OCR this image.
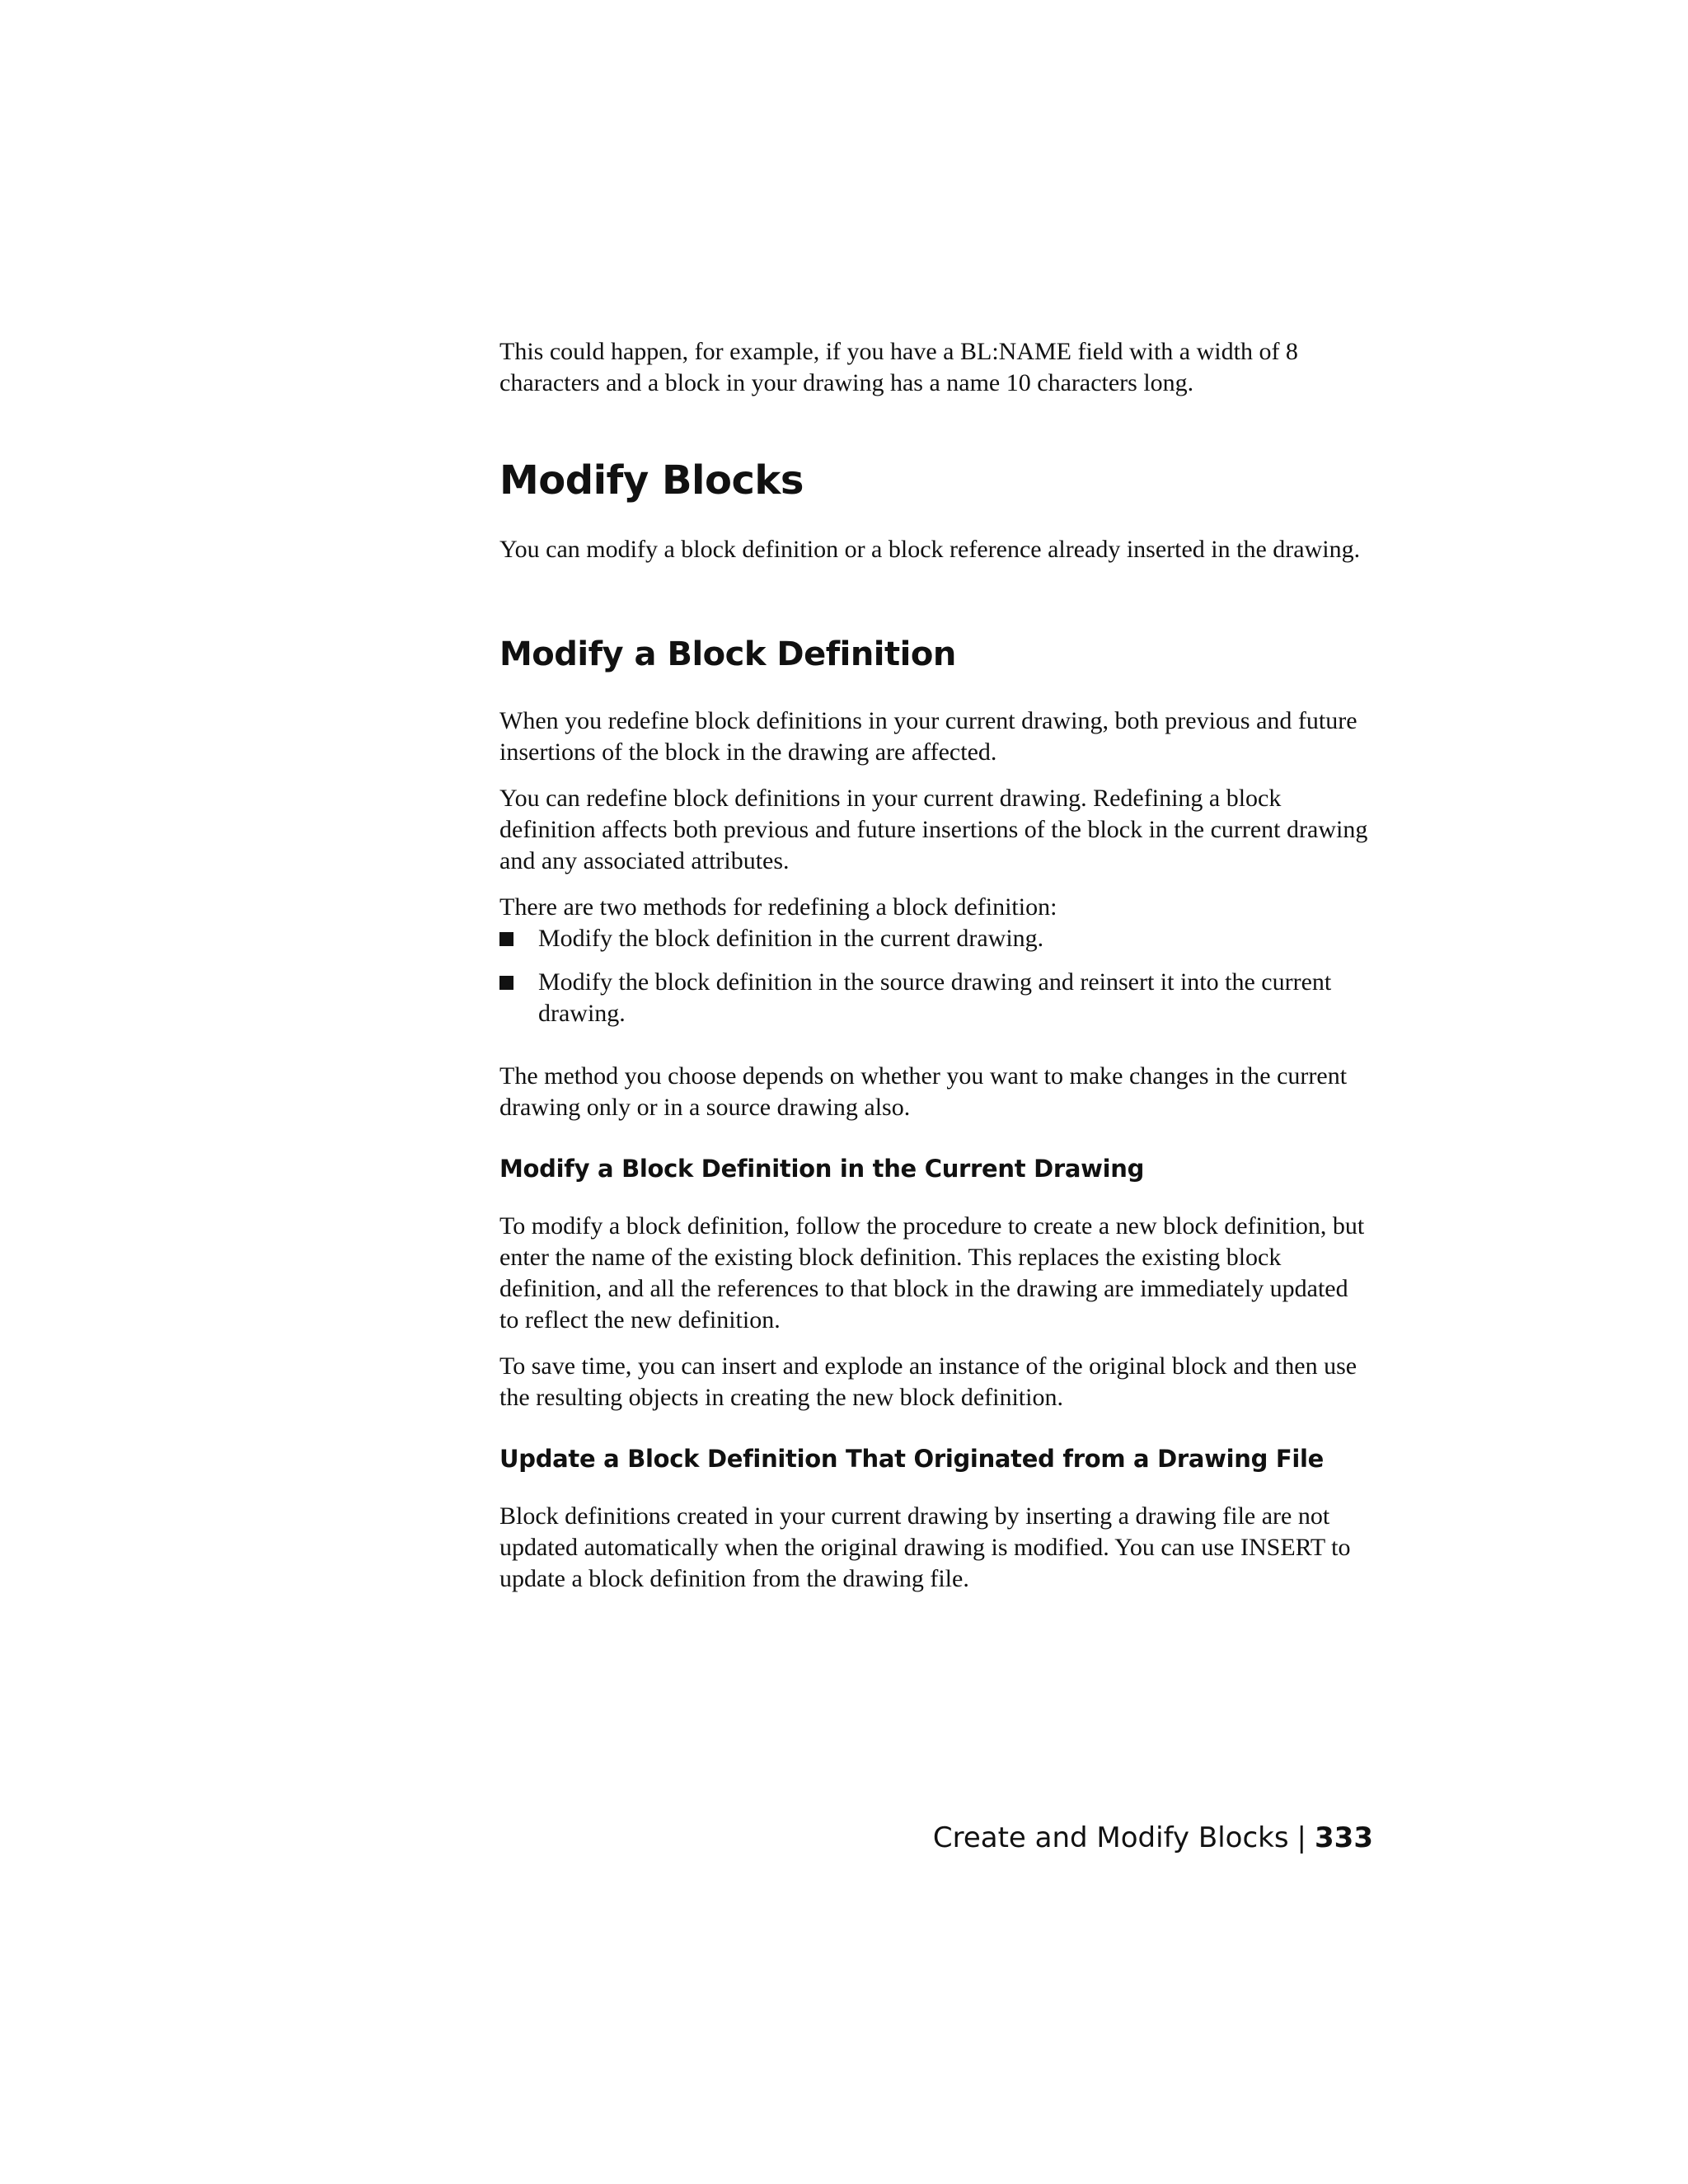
This could happen, for example, if you have a BL:NAME field with a width of 8 characters and a block in your drawing has a name 10 characters long.

Modify Blocks

You can modify a block definition or a block reference already inserted in the drawing.

Modify a Block Definition

When you redefine block definitions in your current drawing, both previous and future insertions of the block in the drawing are affected.

You can redefine block definitions in your current drawing. Redefining a block definition affects both previous and future insertions of the block in the current drawing and any associated attributes.

There are two methods for redefining a block definition:

Modify the block definition in the current drawing.
Modify the block definition in the source drawing and reinsert it into the current drawing.

The method you choose depends on whether you want to make changes in the current drawing only or in a source drawing also.

Modify a Block Definition in the Current Drawing

To modify a block definition, follow the procedure to create a new block definition, but enter the name of the existing block definition. This replaces the existing block definition, and all the references to that block in the drawing are immediately updated to reflect the new definition.

To save time, you can insert and explode an instance of the original block and then use the resulting objects in creating the new block definition.

Update a Block Definition That Originated from a Drawing File

Block definitions created in your current drawing by inserting a drawing file are not updated automatically when the original drawing is modified. You can use INSERT to update a block definition from the drawing file.

Create and Modify Blocks | 333
